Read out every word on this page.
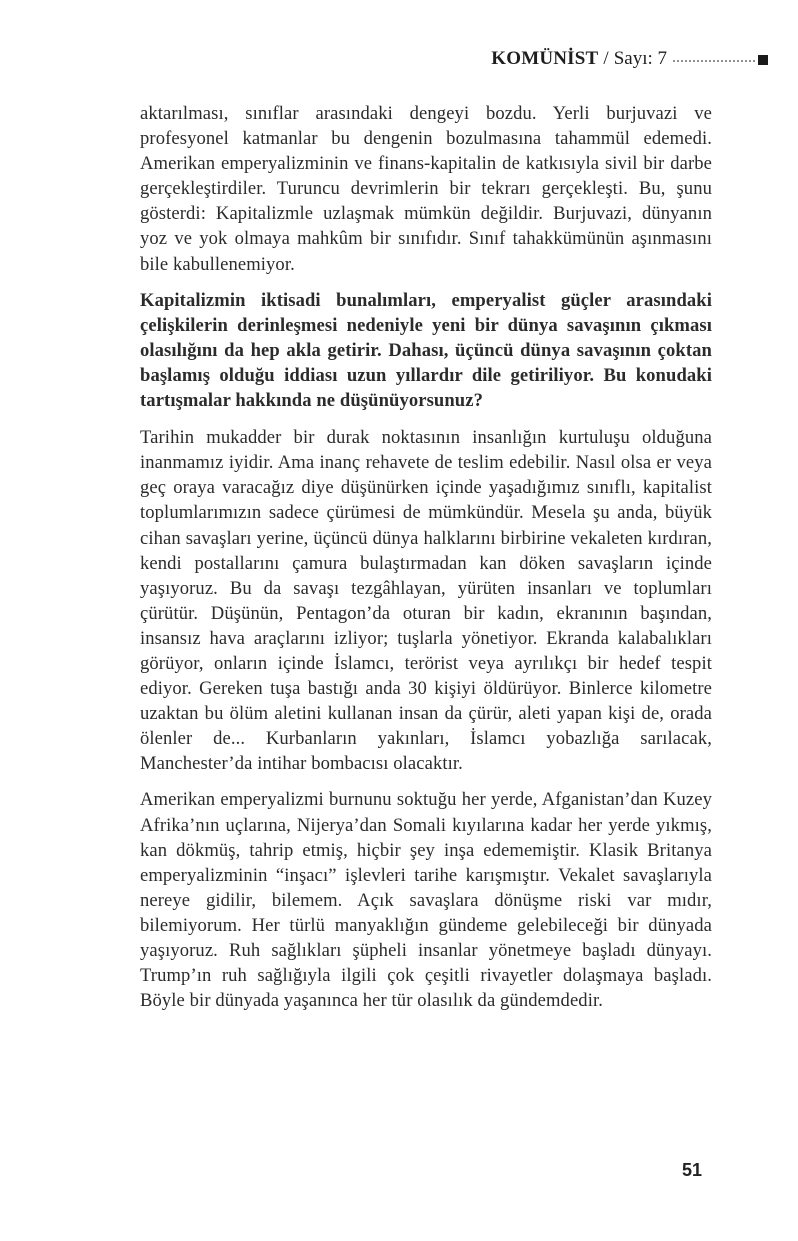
KOMÜNİST / Sayı: 7

aktarılması, sınıflar arasındaki dengeyi bozdu. Yerli burjuvazi ve profesyonel katmanlar bu dengenin bozulmasına tahammül edemedi. Amerikan emperyalizminin ve finans-kapitalin de katkısıyla sivil bir darbe gerçekleştirdiler. Turuncu devrimlerin bir tekrarı gerçekleşti. Bu, şunu gösterdi: Kapitalizmle uzlaşmak mümkün değildir. Burjuvazi, dünyanın yoz ve yok olmaya mahkûm bir sınıfıdır. Sınıf tahakkümünün aşınmasını bile kabullenemiyor.

Kapitalizmin iktisadi bunalımları, emperyalist güçler arasındaki çelişkilerin derinleşmesi nedeniyle yeni bir dünya savaşının çıkması olasılığını da hep akla getirir. Dahası, üçüncü dünya savaşının çoktan başlamış olduğu iddiası uzun yıllardır dile getiriliyor. Bu konudaki tartışmalar hakkında ne düşünüyorsunuz?

Tarihin mukadder bir durak noktasının insanlığın kurtuluşu olduğuna inanmamız iyidir. Ama inanç rehavete de teslim edebilir. Nasıl olsa er veya geç oraya varacağız diye düşünürken içinde yaşadığımız sınıflı, kapitalist toplumlarımızın sadece çürümesi de mümkündür. Mesela şu anda, büyük cihan savaşları yerine, üçüncü dünya halklarını birbirine vekaleten kırdıran, kendi postallarını çamura bulaştırmadan kan döken savaşların içinde yaşıyoruz. Bu da savaşı tezgâhlayan, yürüten insanları ve toplumları çürütür. Düşünün, Pentagon’da oturan bir kadın, ekranının başından, insansız hava araçlarını izliyor; tuşlarla yönetiyor. Ekranda kalabalıkları görüyor, onların içinde İslamcı, terörist veya ayrılıkçı bir hedef tespit ediyor. Gereken tuşa bastığı anda 30 kişiyi öldürüyor. Binlerce kilometre uzaktan bu ölüm aletini kullanan insan da çürür, aleti yapan kişi de, orada ölenler de... Kurbanların yakınları, İslamcı yobazlığa sarılacak, Manchester’da intihar bombacısı olacaktır.

Amerikan emperyalizmi burnunu soktuğu her yerde, Afganistan’dan Kuzey Afrika’nın uçlarına, Nijerya’dan Somali kıyılarına kadar her yerde yıkmış, kan dökmüş, tahrip etmiş, hiçbir şey inşa edememiştir. Klasik Britanya emperyalizminin “inşacı” işlevleri tarihe karışmıştır. Vekalet savaşlarıyla nereye gidilir, bilemem. Açık savaşlara dönüşme riski var mıdır, bilemiyorum. Her türlü manyaklığın gündeme gelebileceği bir dünyada yaşıyoruz. Ruh sağlıkları şüpheli insanlar yönetmeye başladı dünyayı. Trump’ın ruh sağlığıyla ilgili çok çeşitli rivayetler dolaşmaya başladı. Böyle bir dünyada yaşanınca her tür olasılık da gündemdedir.

51
